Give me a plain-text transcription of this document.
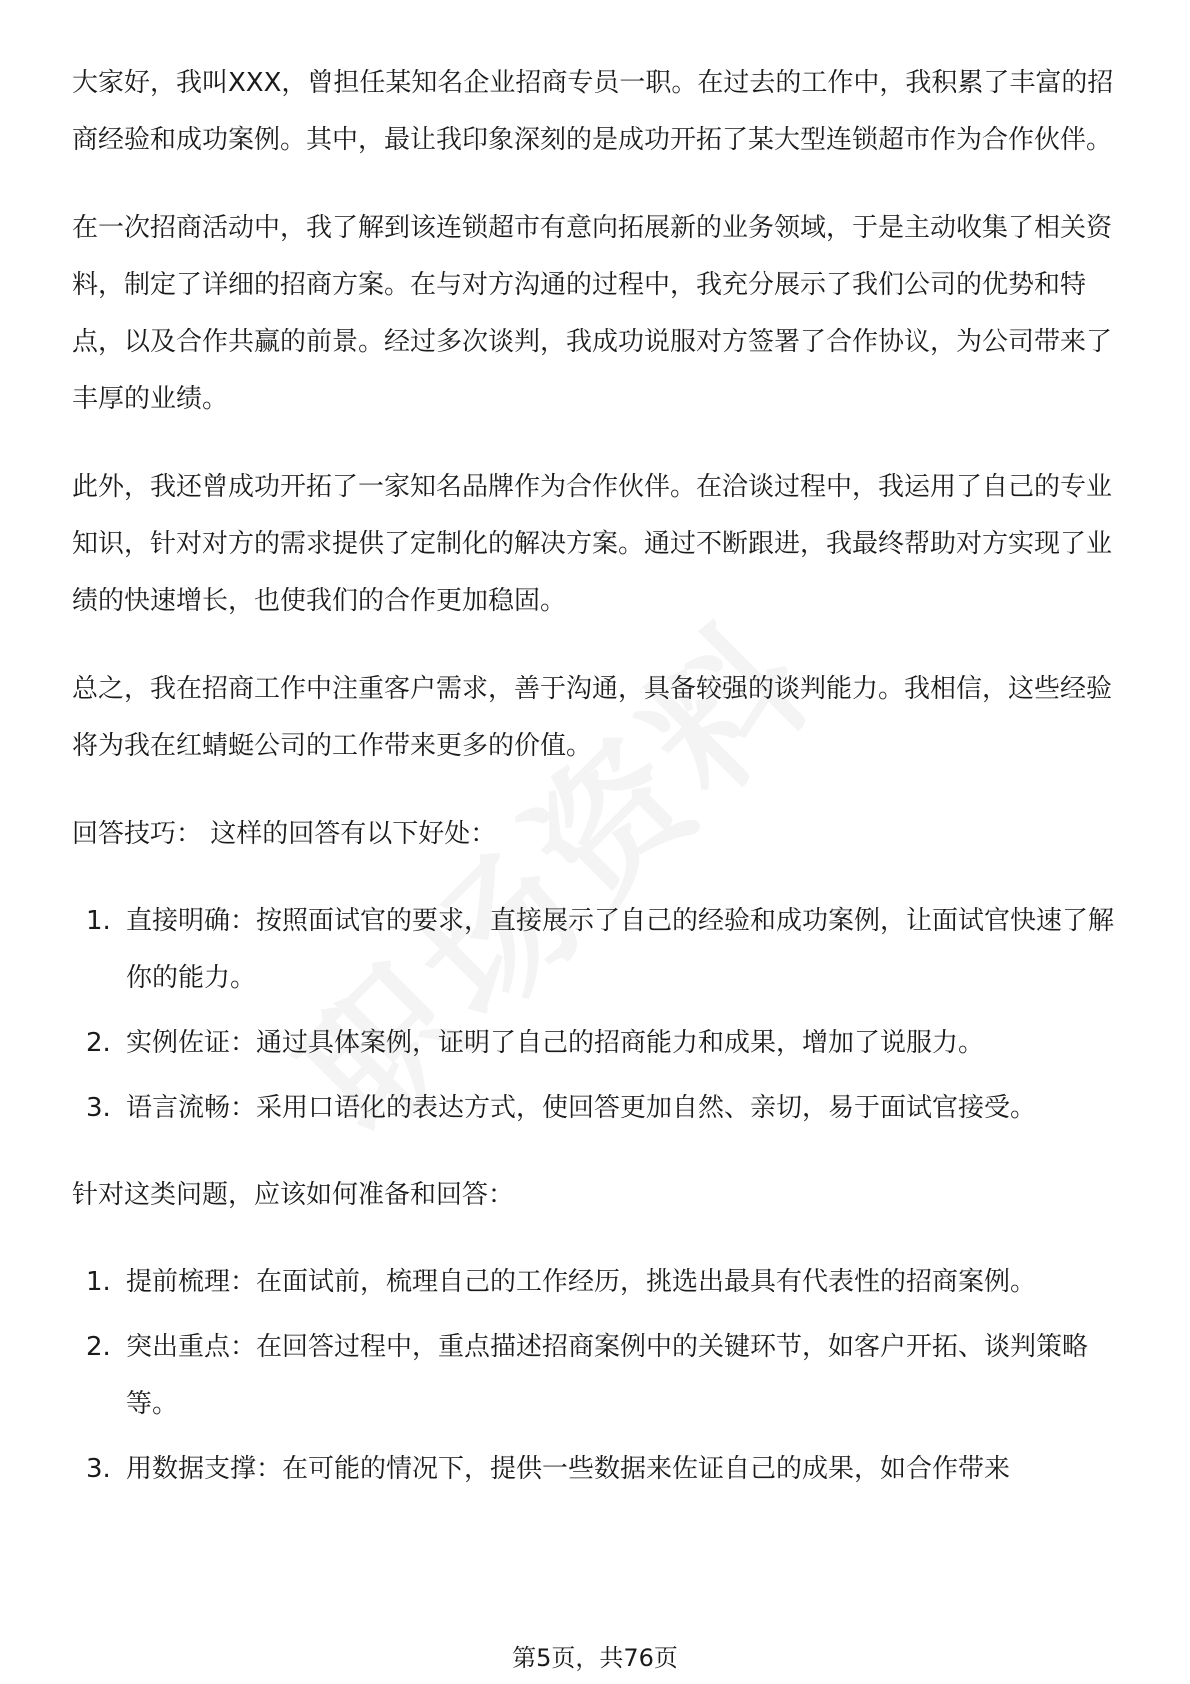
大家好，我叫XXX，曾担任某知名企业招商专员一职。在过去的工作中，我积累了丰富的招商经验和成功案例。其中，最让我印象深刻的是成功开拓了某大型连锁超市作为合作伙伴。

在一次招商活动中，我了解到该连锁超市有意向拓展新的业务领域，于是主动收集了相关资料，制定了详细的招商方案。在与对方沟通的过程中，我充分展示了我们公司的优势和特点，以及合作共赢的前景。经过多次谈判，我成功说服对方签署了合作协议，为公司带来了丰厚的业绩。

此外，我还曾成功开拓了一家知名品牌作为合作伙伴。在洽谈过程中，我运用了自己的专业知识，针对对方的需求提供了定制化的解决方案。通过不断跟进，我最终帮助对方实现了业绩的快速增长，也使我们的合作更加稳固。

总之，我在招商工作中注重客户需求，善于沟通，具备较强的谈判能力。我相信，这些经验将为我在红蜻蜓公司的工作带来更多的价值。

回答技巧： 这样的回答有以下好处：

1. 直接明确：按照面试官的要求，直接展示了自己的经验和成功案例，让面试官快速了解你的能力。
2. 实例佐证：通过具体案例，证明了自己的招商能力和成果，增加了说服力。
3. 语言流畅：采用口语化的表达方式，使回答更加自然、亲切，易于面试官接受。

针对这类问题，应该如何准备和回答：

1. 提前梳理：在面试前，梳理自己的工作经历，挑选出最具有代表性的招商案例。
2. 突出重点：在回答过程中，重点描述招商案例中的关键环节，如客户开拓、谈判策略等。
3. 用数据支撑：在可能的情况下，提供一些数据来佐证自己的成果，如合作带来
第5页，共76页
